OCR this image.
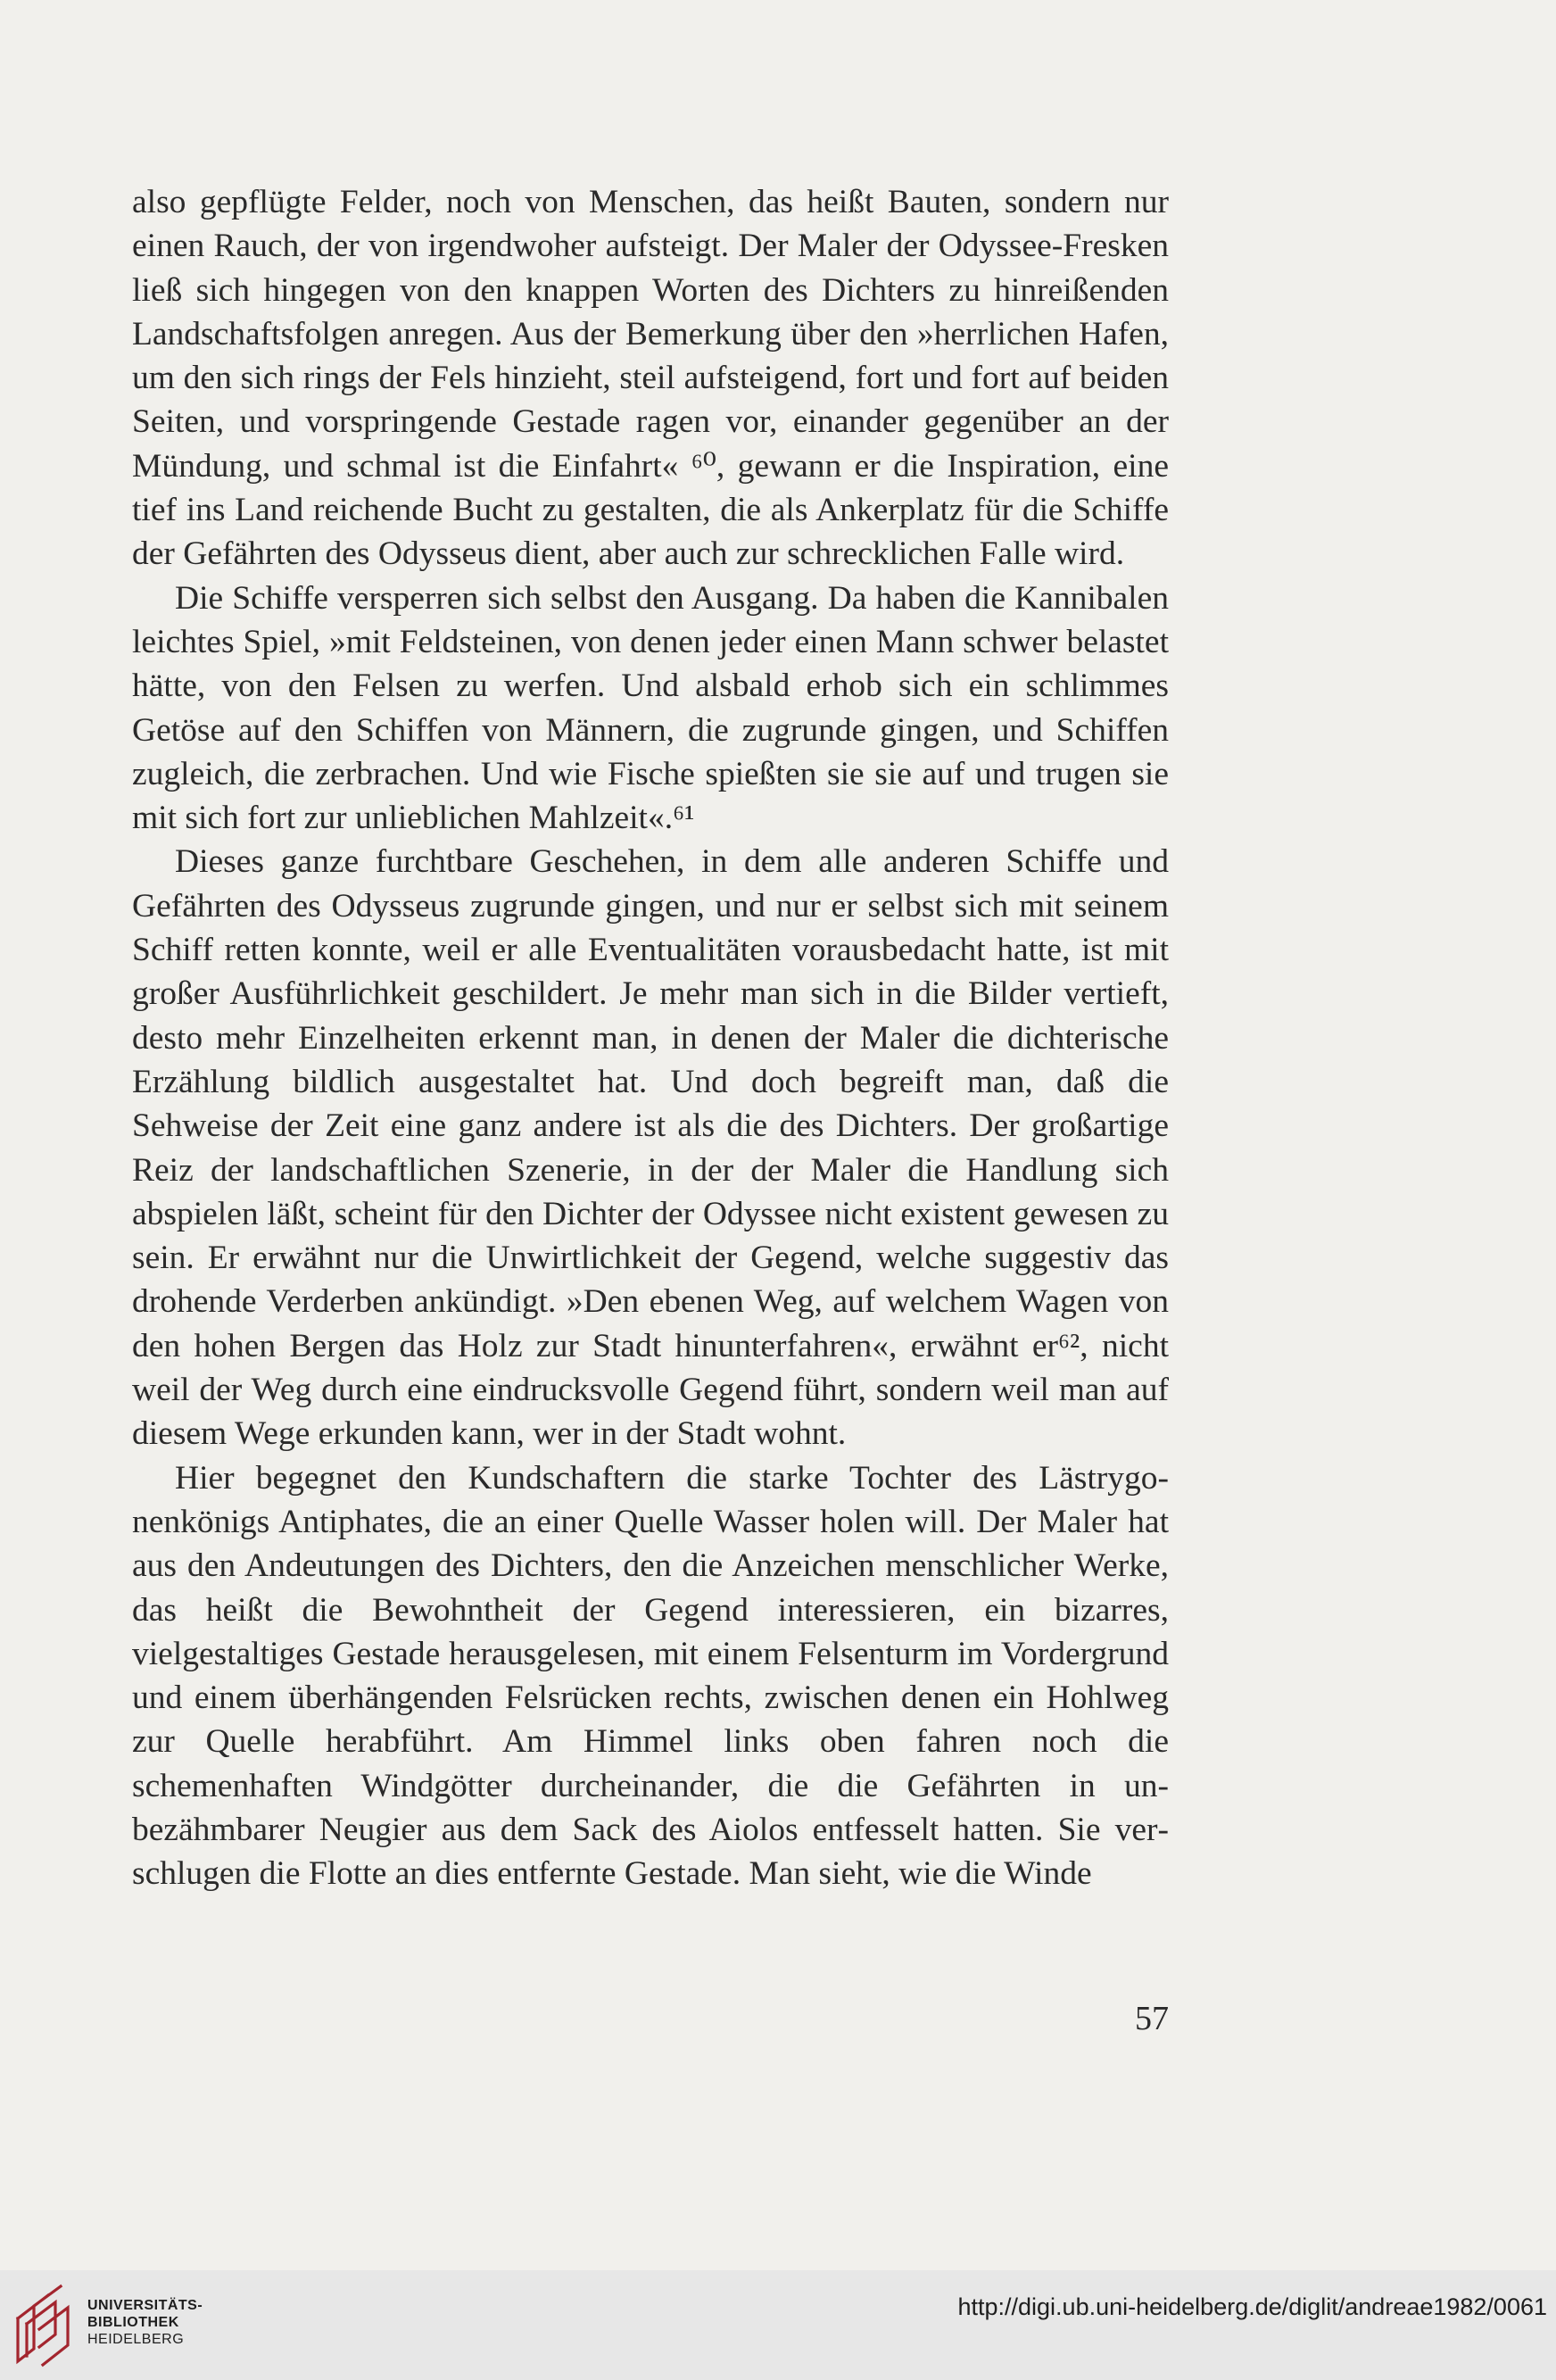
also gepflügte Felder, noch von Menschen, das heißt Bauten, sondern nur einen Rauch, der von irgendwoher aufsteigt. Der Maler der Odyssee-Fresken ließ sich hingegen von den knappen Worten des Dichters zu hinreißenden Landschaftsfolgen anregen. Aus der Bemerkung über den »herrlichen Hafen, um den sich rings der Fels hinzieht, steil aufsteigend, fort und fort auf beiden Seiten, und vorspringende Gestade ragen vor, einander gegenüber an der Mündung, und schmal ist die Einfahrt« ⁶⁰, gewann er die Inspiration, eine tief ins Land reichende Bucht zu gestalten, die als Ankerplatz für die Schiffe der Gefährten des Odysseus dient, aber auch zur schrecklichen Falle wird.

Die Schiffe versperren sich selbst den Ausgang. Da haben die Kannibalen leichtes Spiel, »mit Feldsteinen, von denen jeder einen Mann schwer belastet hätte, von den Felsen zu werfen. Und alsbald erhob sich ein schlimmes Getöse auf den Schiffen von Männern, die zugrunde gingen, und Schiffen zugleich, die zerbrachen. Und wie Fische spießten sie sie auf und trugen sie mit sich fort zur unlieblichen Mahlzeit«.⁶¹

Dieses ganze furchtbare Geschehen, in dem alle anderen Schiffe und Gefährten des Odysseus zugrunde gingen, und nur er selbst sich mit seinem Schiff retten konnte, weil er alle Eventualitäten vorausbedacht hatte, ist mit großer Ausführlichkeit geschildert. Je mehr man sich in die Bilder vertieft, desto mehr Einzelheiten erkennt man, in denen der Maler die dichterische Erzählung bildlich ausgestaltet hat. Und doch begreift man, daß die Sehweise der Zeit eine ganz andere ist als die des Dichters. Der großartige Reiz der landschaftlichen Szenerie, in der der Maler die Handlung sich abspielen läßt, scheint für den Dichter der Odyssee nicht existent gewesen zu sein. Er erwähnt nur die Unwirtlichkeit der Gegend, welche suggestiv das drohende Verderben ankündigt. »Den ebenen Weg, auf welchem Wagen von den hohen Bergen das Holz zur Stadt hinunterfahren«, erwähnt er⁶², nicht weil der Weg durch eine eindrucksvolle Gegend führt, sondern weil man auf diesem Wege erkunden kann, wer in der Stadt wohnt.

Hier begegnet den Kundschaftern die starke Tochter des Lästrygonenkönigs Antiphates, die an einer Quelle Wasser holen will. Der Maler hat aus den Andeutungen des Dichters, den die Anzeichen menschlicher Werke, das heißt die Bewohntheit der Gegend interessieren, ein bizarres, vielgestaltiges Gestade herausgelesen, mit einem Felsenturm im Vordergrund und einem überhängenden Felsrücken rechts, zwischen denen ein Hohlweg zur Quelle herabführt. Am Himmel links oben fahren noch die schemenhaften Windgötter durcheinander, die die Gefährten in unbezähmbarer Neugier aus dem Sack des Aiolos entfesselt hatten. Sie verschlugen die Flotte an dies entfernte Gestade. Man sieht, wie die Winde

57
UNIVERSITÄTS-
BIBLIOTHEK
HEIDELBERG
http://digi.ub.uni-heidelberg.de/diglit/andreae1982/0061
